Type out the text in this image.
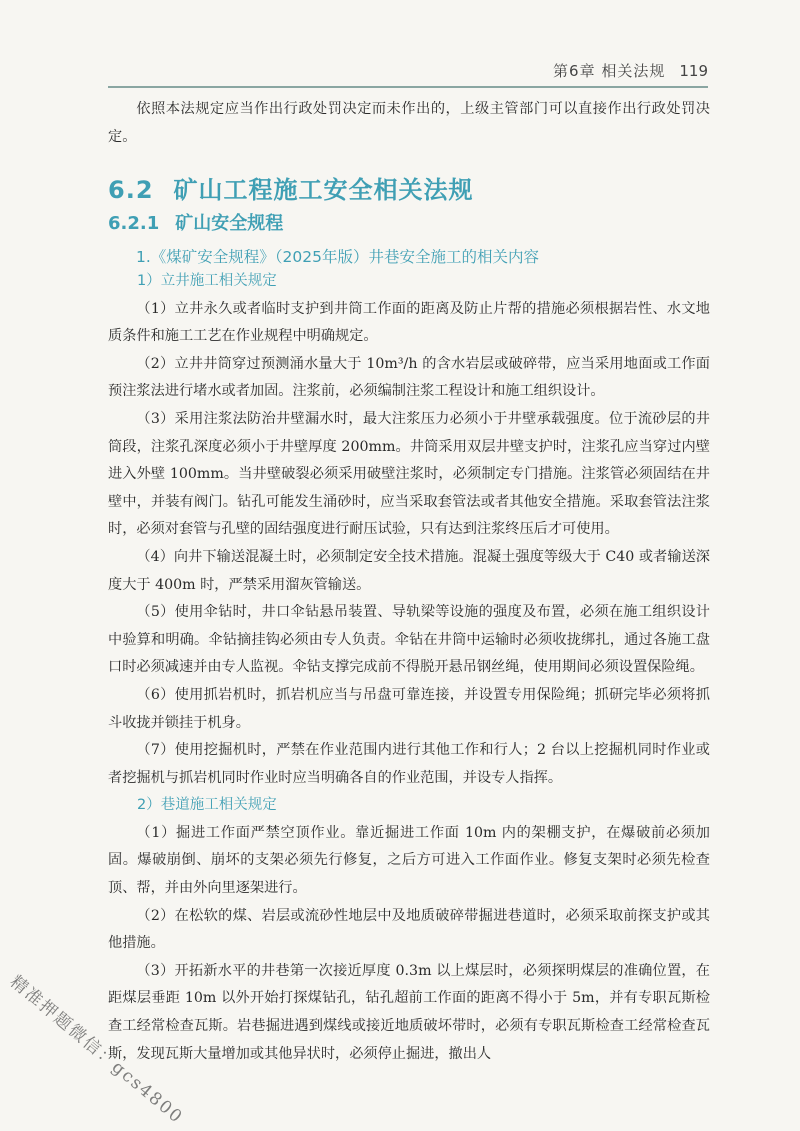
第6章 相关法规 119

依照本法规定应当作出行政处罚决定而未作出的，上级主管部门可以直接作出行政处罚决定。

6.2 矿山工程施工安全相关法规
6.2.1 矿山安全规程
1.《煤矿安全规程》（2025年版）井巷安全施工的相关内容

1）立井施工相关规定

（1）立井永久或者临时支护到井筒工作面的距离及防止片帮的措施必须根据岩性、水文地质条件和施工工艺在作业规程中明确规定。

（2）立井井筒穿过预测涌水量大于 10m³/h 的含水岩层或破碎带，应当采用地面或工作面预注浆法进行堵水或者加固。注浆前，必须编制注浆工程设计和施工组织设计。

（3）采用注浆法防治井壁漏水时，最大注浆压力必须小于井壁承载强度。位于流砂层的井筒段，注浆孔深度必须小于井壁厚度 200mm。井筒采用双层井壁支护时，注浆孔应当穿过内壁进入外壁 100mm。当井壁破裂必须采用破壁注浆时，必须制定专门措施。注浆管必须固结在井壁中，并装有阀门。钻孔可能发生涌砂时，应当采取套管法或者其他安全措施。采取套管法注浆时，必须对套管与孔壁的固结强度进行耐压试验，只有达到注浆终压后才可使用。

（4）向井下输送混凝土时，必须制定安全技术措施。混凝土强度等级大于 C40 或者输送深度大于 400m 时，严禁采用溜灰管输送。

（5）使用伞钻时，井口伞钻悬吊装置、导轨梁等设施的强度及布置，必须在施工组织设计中验算和明确。伞钻摘挂钩必须由专人负责。伞钻在井筒中运输时必须收拢绑扎，通过各施工盘口时必须减速并由专人监视。伞钻支撑完成前不得脱开悬吊钢丝绳，使用期间必须设置保险绳。

（6）使用抓岩机时，抓岩机应当与吊盘可靠连接，并设置专用保险绳；抓研完毕必须将抓斗收拢并锁挂于机身。

（7）使用挖掘机时，严禁在作业范围内进行其他工作和行人；2 台以上挖掘机同时作业或者挖掘机与抓岩机同时作业时应当明确各自的作业范围，并设专人指挥。

2）巷道施工相关规定

（1）掘进工作面严禁空顶作业。靠近掘进工作面 10m 内的架棚支护，在爆破前必须加固。爆破崩倒、崩坏的支架必须先行修复，之后方可进入工作面作业。修复支架时必须先检查顶、帮，并由外向里逐架进行。

（2）在松软的煤、岩层或流砂性地层中及地质破碎带掘进巷道时，必须采取前探支护或其他措施。

（3）开拓新水平的井巷第一次接近厚度 0.3m 以上煤层时，必须探明煤层的准确位置，在距煤层垂距 10m 以外开始打探煤钻孔，钻孔超前工作面的距离不得小于 5m，并有专职瓦斯检查工经常检查瓦斯。岩巷掘进遇到煤线或接近地质破坏带时，必须有专职瓦斯检查工经常检查瓦斯，发现瓦斯大量增加或其他异状时，必须停止掘进，撤出人

精准押题微信：gcs4800
